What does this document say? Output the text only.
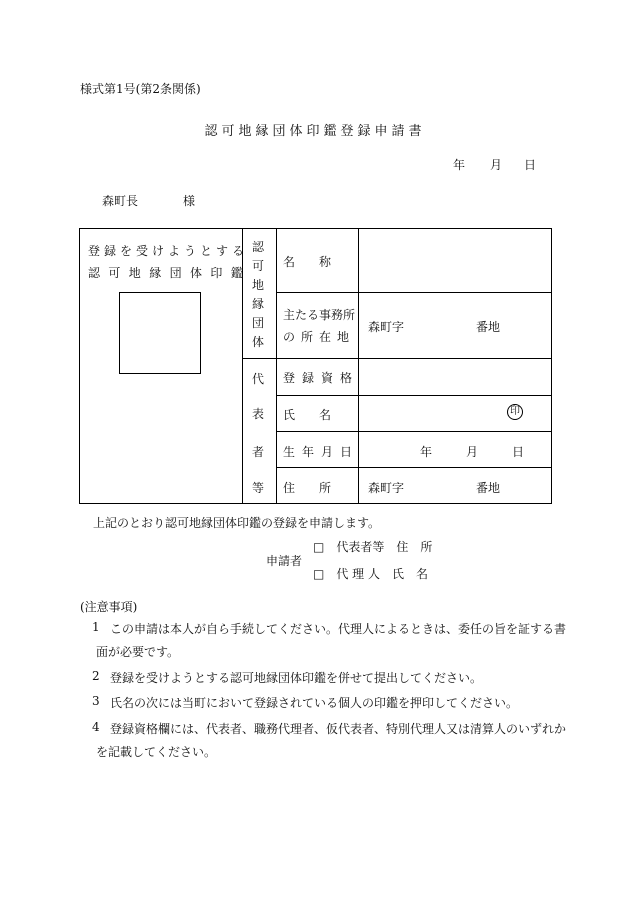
様式第1号(第2条関係)
認可地縁団体印鑑登録申請書
年 月 日
森町長	様
登録を受けようとする
認可地縁団体印鑑
認
可
地
縁
団
体
代
表
者
等
名　　称
主たる事務所
の所在地
森町字	番地
登録資格
氏　　名	印
生年月日	年	月	日
住　　所	森町字	番地
上記のとおり認可地縁団体印鑑の登録を申請します。
申請者
□　代表者等　住　所
□　代 理 人　氏　名
(注意事項)
1 この申請は本人が自ら手続してください。代理人によるときは、委任の旨を証する書
面が必要です。
2 登録を受けようとする認可地縁団体印鑑を併せて提出してください。
3 氏名の次には当町において登録されている個人の印鑑を押印してください。
4 登録資格欄には、代表者、職務代理者、仮代表者、特別代理人又は清算人のいずれか
を記載してください。
